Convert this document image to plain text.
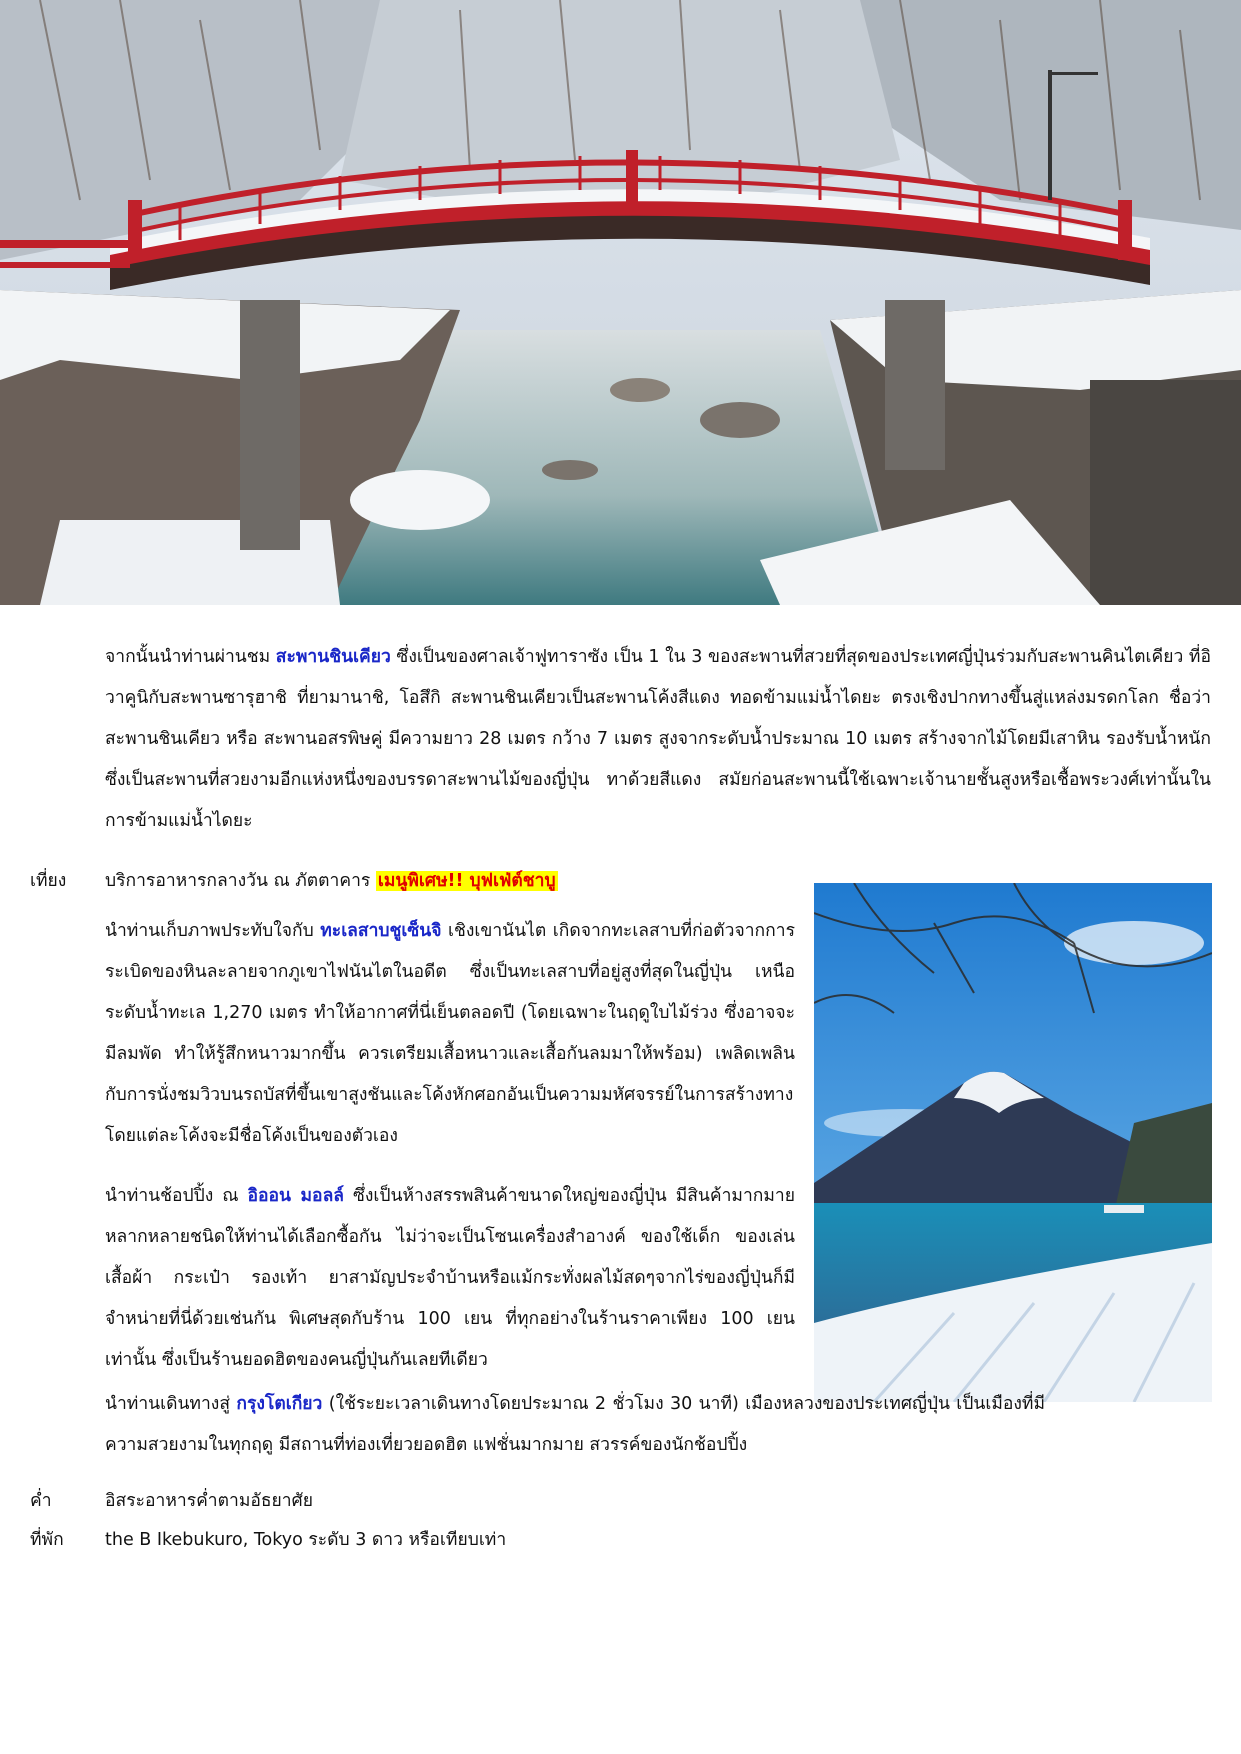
จากนั้นนำท่านผ่านชม สะพานชินเคียว ซึ่งเป็นของศาลเจ้าฟูทาราซัง เป็น 1 ใน 3 ของสะพานที่สวยที่สุดของประเทศญี่ปุ่นร่วมกับสะพานคินไตเคียว ที่อิวาคูนิกับสะพานซารุฮาชิ ที่ยามานาชิ, โอสึกิ สะพานชินเคียวเป็นสะพานโค้งสีแดง ทอดข้ามแม่น้ำไดยะ ตรงเชิงปากทางขึ้นสู่แหล่งมรดกโลก ชื่อว่าสะพานชินเคียว หรือ สะพานอสรพิษคู่ มีความยาว 28 เมตร กว้าง 7 เมตร สูงจากระดับน้ำประมาณ 10 เมตร สร้างจากไม้โดยมีเสาหิน รองรับน้ำหนัก ซึ่งเป็นสะพานที่สวยงามอีกแห่งหนึ่งของบรรดาสะพานไม้ของญี่ปุ่น ทาด้วยสีแดง สมัยก่อนสะพานนี้ใช้เฉพาะเจ้านายชั้นสูงหรือเชื้อพระวงศ์เท่านั้นในการข้ามแม่น้ำไดยะ

เที่ยง บริการอาหารกลางวัน ณ ภัตตาคาร เมนูพิเศษ!! บุฟเฟ่ต์ชาบู

นำท่านเก็บภาพประทับใจกับ ทะเลสาบชูเซ็นจิ เชิงเขานันไต เกิดจากทะเลสาบที่ก่อตัวจากการระเบิดของหินละลายจากภูเขาไฟนันไตในอดีต ซึ่งเป็นทะเลสาบที่อยู่สูงที่สุดในญี่ปุ่น เหนือระดับน้ำทะเล 1,270 เมตร ทำให้อากาศที่นี่เย็นตลอดปี (โดยเฉพาะในฤดูใบไม้ร่วง ซึ่งอาจจะมีลมพัด ทำให้รู้สึกหนาวมากขึ้น ควรเตรียมเสื้อหนาวและเสื้อกันลมมาให้พร้อม) เพลิดเพลินกับการนั่งชมวิวบนรถบัสที่ขึ้นเขาสูงชันและโค้งหักศอกอันเป็นความมหัศจรรย์ในการสร้างทางโดยแต่ละโค้งจะมีชื่อโค้งเป็นของตัวเอง

นำท่านช้อปปิ้ง ณ อิออน มอลล์ ซึ่งเป็นห้างสรรพสินค้าขนาดใหญ่ของญี่ปุ่น มีสินค้ามากมายหลากหลายชนิดให้ท่านได้เลือกซื้อกัน ไม่ว่าจะเป็นโซนเครื่องสำอางค์ ของใช้เด็ก ของเล่น เสื้อผ้า กระเป๋า รองเท้า ยาสามัญประจำบ้านหรือแม้กระทั่งผลไม้สดๆจากไร่ของญี่ปุ่นก็มีจำหน่ายที่นี่ด้วยเช่นกัน พิเศษสุดกับร้าน 100 เยน ที่ทุกอย่างในร้านราคาเพียง 100 เยน เท่านั้น ซึ่งเป็นร้านยอดฮิตของคนญี่ปุ่นกันเลยทีเดียว

นำท่านเดินทางสู่ กรุงโตเกียว (ใช้ระยะเวลาเดินทางโดยประมาณ 2 ชั่วโมง 30 นาที) เมืองหลวงของประเทศญี่ปุ่น เป็นเมืองที่มีความสวยงามในทุกฤดู มีสถานที่ท่องเที่ยวยอดฮิต แฟชั่นมากมาย สวรรค์ของนักช้อปปิ้ง

ค่ำ	อิสระอาหารค่ำตามอัธยาศัย
ที่พัก the B Ikebukuro, Tokyo ระดับ 3 ดาว หรือเทียบเท่า
